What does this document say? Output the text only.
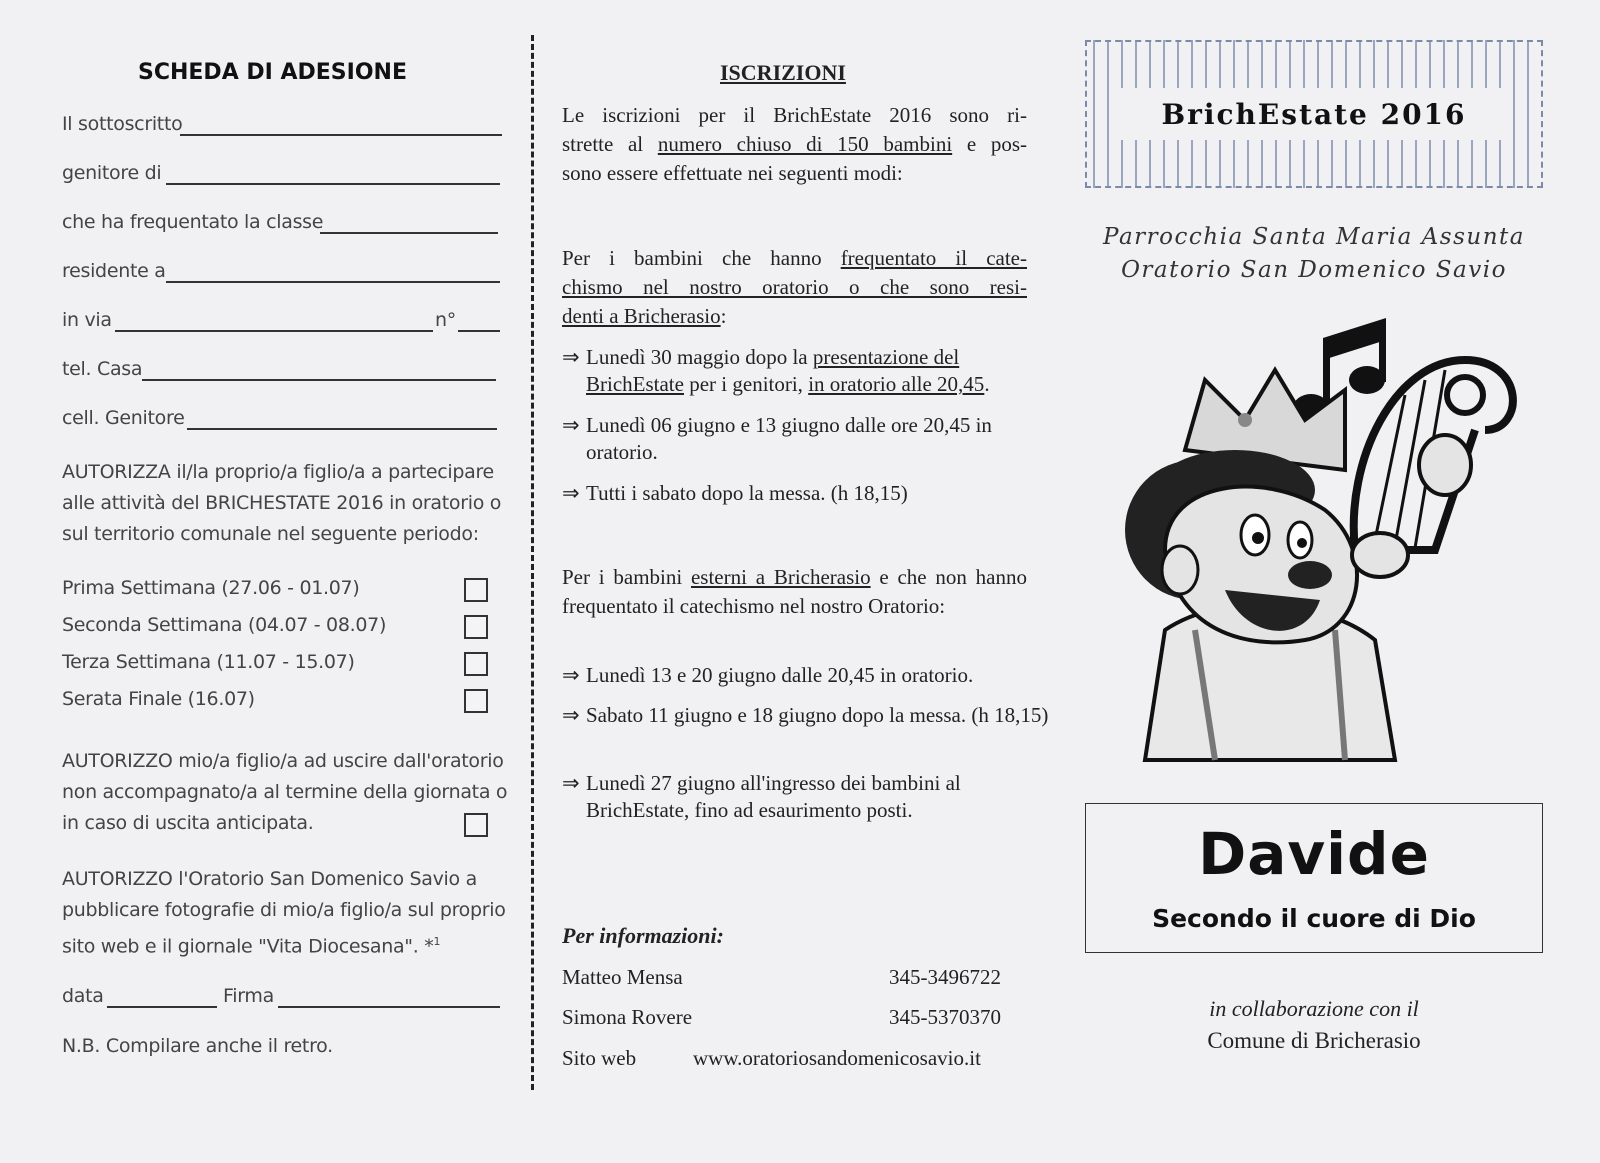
SCHEDA DI ADESIONE
Il sottoscritto
genitore di
che ha frequentato la classe
residente a
in via	n°
tel. Casa
cell. Genitore
AUTORIZZA il/la proprio/a figlio/a a partecipare alle attività del BRICHESTATE 2016 in oratorio o sul territorio comunale nel seguente periodo:
Prima Settimana (27.06 - 01.07)
Seconda Settimana (04.07 - 08.07)
Terza Settimana (11.07 - 15.07)
Serata Finale (16.07)
AUTORIZZO mio/a figlio/a ad uscire dall'oratorio non accompagnato/a al termine della giornata o in caso di uscita anticipata.
AUTORIZZO l'Oratorio San Domenico Savio a pubblicare fotografie di mio/a figlio/a sul proprio sito web e il giornale "Vita Diocesana". *$^1$
data	Firma
N.B. Compilare anche il retro.
ISCRIZIONI
Le iscrizioni per il BrichEstate 2016 sono ri-
strette al numero chiuso di 150 bambini e pos-
sono essere effettuate nei seguenti modi:
Per i bambini che hanno frequentato il cate-
chismo nel nostro oratorio o che sono resi-
denti a Bricherasio:
⇒ Lunedì 30 maggio dopo la presentazione del BrichEstate per i genitori, in oratorio alle 20,45.
⇒ Lunedì 06 giugno e 13 giugno dalle ore 20,45 in oratorio.
⇒ Tutti i sabato dopo la messa. (h 18,15)
Per i bambini esterni a Bricherasio e che non hanno frequentato il catechismo nel nostro Oratorio:
⇒ Lunedì 13 e 20 giugno dalle 20,45 in oratorio.
⇒ Sabato 11 giugno e 18 giugno dopo la messa. (h 18,15)
⇒ Lunedì 27 giugno all'ingresso dei bambini al BrichEstate, fino ad esaurimento posti.
Per informazioni:
Matteo Mensa	345-3496722
Simona Rovere	345-5370370
Sito web	www.oratoriosandomenicosavio.it
BrichEstate 2016
Parrocchia Santa Maria Assunta
Oratorio San Domenico Savio
Davide
Secondo il cuore di Dio
in collaborazione con il
Comune di Bricherasio
